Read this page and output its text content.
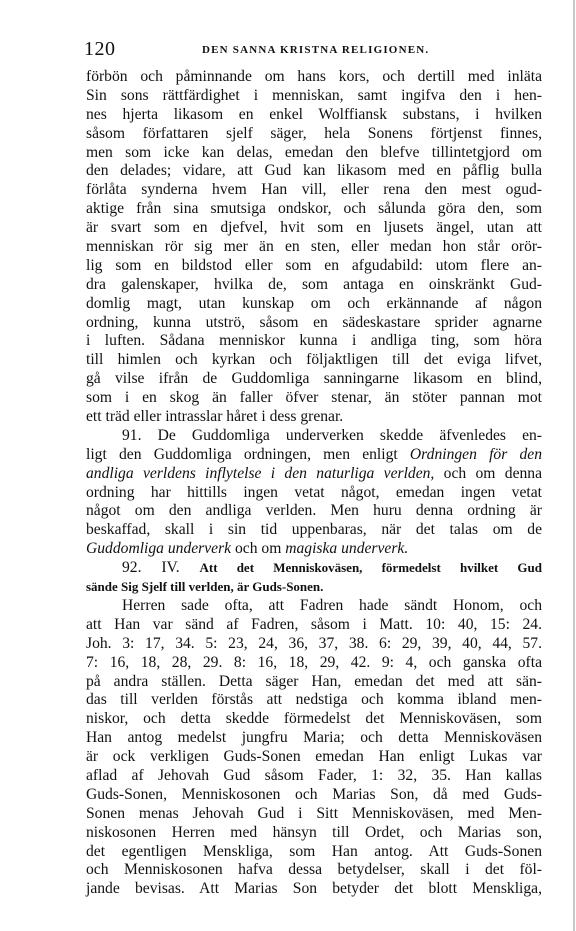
120	DEN SANNA KRISTNA RELIGIONEN.
förbön och påminnande om hans kors, och dertill med inläta
Sin sons rättfärdighet i menniskan, samt ingifva den i hen-
nes hjerta likasom en enkel Wolffiansk substans, i hvilken
såsom författaren sjelf säger, hela Sonens förtjenst finnes,
men som icke kan delas, emedan den blefve tillintetgjord om
den delades; vidare, att Gud kan likasom med en påflig bulla
förlåta synderna hvem Han vill, eller rena den mest ogud-
aktige från sina smutsiga ondskor, och sålunda göra den, som
är svart som en djefvel, hvit som en ljusets ängel, utan att
menniskan rör sig mer än en sten, eller medan hon står orör-
lig som en bildstod eller som en afgudabild: utom flere an-
dra galenskaper, hvilka de, som antaga en oinskränkt Gud-
domlig magt, utan kunskap om och erkännande af någon
ordning, kunna utströ, såsom en sädeskastare sprider agnarne
i luften. Sådana menniskor kunna i andliga ting, som höra
till himlen och kyrkan och följaktligen till det eviga lifvet,
gå vilse ifrån de Guddomliga sanningarne likasom en blind,
som i en skog än faller öfver stenar, än stöter pannan mot
ett träd eller intrasslar håret i dess grenar.
91. De Guddomliga underverken skedde äfvenledes en-
ligt den Guddomliga ordningen, men enligt Ordningen för den
andliga verldens inflytelse i den naturliga verlden, och om denna
ordning har hittills ingen vetat något, emedan ingen vetat
något om den andliga verlden. Men huru denna ordning är
beskaffad, skall i sin tid uppenbaras, när det talas om de
Guddomliga underverk och om magiska underverk.
92. IV. Att det Menniskoväsen, förmedelst hvilket Gud
sände Sig Sjelf till verlden, är Guds-Sonen.
Herren sade ofta, att Fadren hade sändt Honom, och
att Han var sänd af Fadren, såsom i Matt. 10: 40, 15: 24.
Joh. 3: 17, 34. 5: 23, 24, 36, 37, 38. 6: 29, 39, 40, 44, 57.
7: 16, 18, 28, 29. 8: 16, 18, 29, 42. 9: 4, och ganska ofta
på andra ställen. Detta säger Han, emedan det med att sän-
das till verlden förstås att nedstiga och komma ibland men-
niskor, och detta skedde förmedelst det Menniskoväsen, som
Han antog medelst jungfru Maria; och detta Menniskoväsen
är ock verkligen Guds-Sonen emedan Han enligt Lukas var
aflad af Jehovah Gud såsom Fader, 1: 32, 35. Han kallas
Guds-Sonen, Menniskosonen och Marias Son, då med Guds-
Sonen menas Jehovah Gud i Sitt Menniskoväsen, med Men-
niskosonen Herren med hänsyn till Ordet, och Marias son,
det egentligen Menskliga, som Han antog. Att Guds-Sonen
och Menniskosonen hafva dessa betydelser, skall i det föl-
jande bevisas. Att Marias Son betyder det blott Menskliga,
